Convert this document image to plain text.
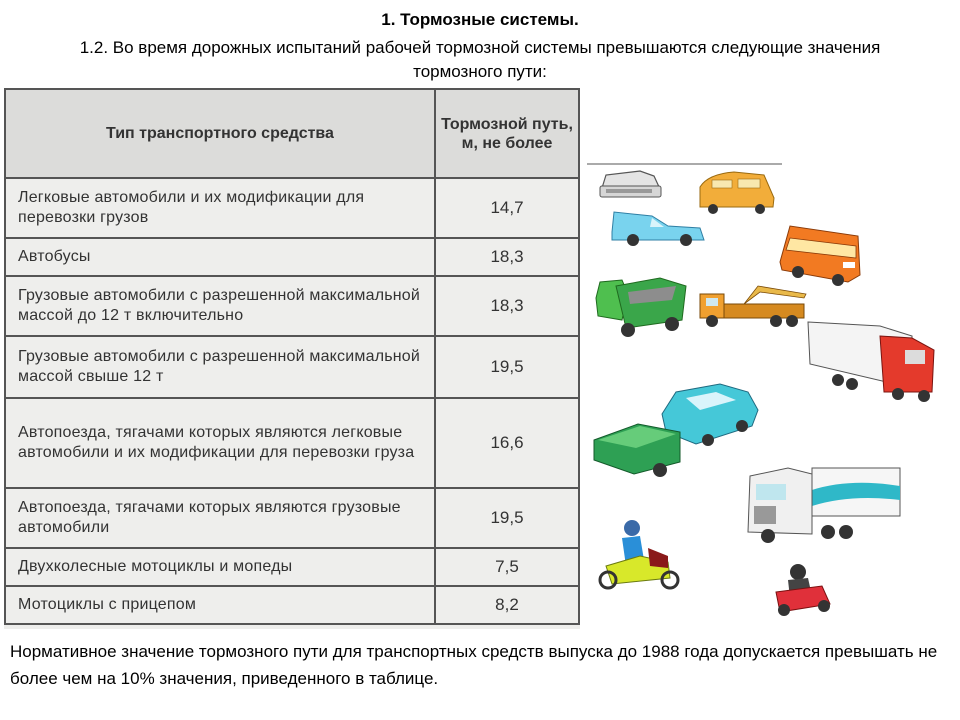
1. Тормозные системы.
1.2. Во время дорожных испытаний рабочей тормозной системы превышаются следующие значения тормозного пути:
Тип транспортного средства	Тормозной путь, м, не более
Легковые автомобили и их модификации для перевозки грузов	14,7
Автобусы	18,3
Грузовые автомобили с разрешенной максимальной массой до 12 т включительно	18,3
Грузовые автомобили с разрешенной максимальной массой свыше 12 т	19,5
Автопоезда, тягачами которых являются легковые автомобили и их модификации для перевозки груза	16,6
Автопоезда, тягачами которых являются грузовые автомобили	19,5
Двухколесные мотоциклы и мопеды	7,5
Мотоциклы с прицепом	8,2
Нормативное значение тормозного пути для транспортных средств выпуска до 1988 года допускается превышать не более чем на 10% значения, приведенного в таблице.
